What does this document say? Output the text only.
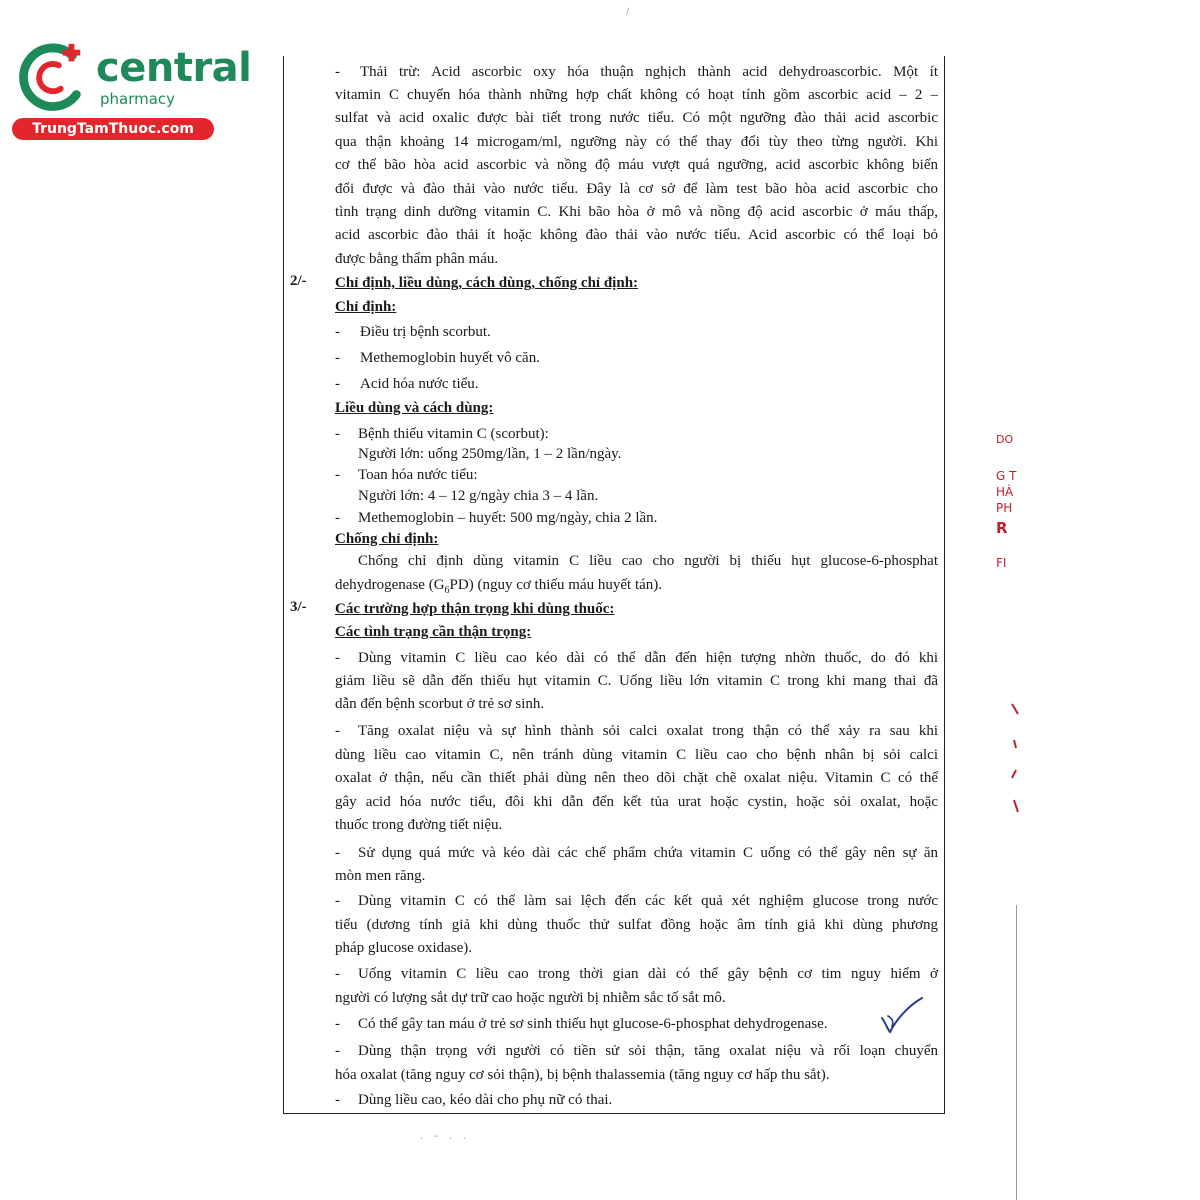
central
pharmacy
TrungTamThuoc.com
/
. - . .
- Thải trừ: Acid ascorbic oxy hóa thuận nghịch thành acid dehydroascorbic. Một ít
vitamin C chuyển hóa thành những hợp chất không có hoạt tính gồm ascorbic acid – 2 –
sulfat và acid oxalic được bài tiết trong nước tiểu. Có một ngưỡng đào thải acid ascorbic
qua thận khoảng 14 microgam/ml, ngưỡng này có thể thay đổi tùy theo từng người. Khi
cơ thể bão hòa acid ascorbic và nồng độ máu vượt quá ngưỡng, acid ascorbic không biến
đổi được và đào thải vào nước tiểu. Đây là cơ sở để làm test bão hòa acid ascorbic cho
tình trạng dinh dưỡng vitamin C. Khi bão hòa ở mô và nồng độ acid ascorbic ở máu thấp,
acid ascorbic đào thải ít hoặc không đào thải vào nước tiểu. Acid ascorbic có thể loại bỏ
được bằng thẩm phân máu.
2/- Chỉ định, liều dùng, cách dùng, chống chỉ định:
Chỉ định:
- Điều trị bệnh scorbut.
- Methemoglobin huyết vô căn.
- Acid hóa nước tiểu.
Liều dùng và cách dùng:
- Bệnh thiếu vitamin C (scorbut):
Người lớn: uống 250mg/lần, 1 – 2 lần/ngày.
- Toan hóa nước tiểu:
Người lớn: 4 – 12 g/ngày chia 3 – 4 lần.
- Methemoglobin – huyết: 500 mg/ngày, chia 2 lần.
Chống chỉ định:
Chống chỉ định dùng vitamin C liều cao cho người bị thiếu hụt glucose-6-phosphat
dehydrogenase $(G_6PD)$ (nguy cơ thiếu máu huyết tán).
3/- Các trường hợp thận trọng khi dùng thuốc:
Các tình trạng cần thận trọng:
- Dùng vitamin C liều cao kéo dài có thể dẫn đến hiện tượng nhờn thuốc, do đó khi
giảm liều sẽ dẫn đến thiếu hụt vitamin C. Uống liều lớn vitamin C trong khi mang thai đã
dẫn đến bệnh scorbut ở trẻ sơ sinh.
- Tăng oxalat niệu và sự hình thành sỏi calci oxalat trong thận có thể xảy ra sau khi
dùng liều cao vitamin C, nên tránh dùng vitamin C liều cao cho bệnh nhân bị sỏi calci
oxalat ở thận, nếu cần thiết phải dùng nên theo dõi chặt chẽ oxalat niệu. Vitamin C có thể
gây acid hóa nước tiểu, đôi khi dẫn đến kết tủa urat hoặc cystin, hoặc sỏi oxalat, hoặc
thuốc trong đường tiết niệu.
- Sử dụng quá mức và kéo dài các chế phẩm chứa vitamin C uống có thể gây nên sự ăn
mòn men răng.
- Dùng vitamin C có thể làm sai lệch đến các kết quả xét nghiệm glucose trong nước
tiểu (dương tính giả khi dùng thuốc thử sulfat đồng hoặc âm tính giả khi dùng phương
pháp glucose oxidase).
- Uống vitamin C liều cao trong thời gian dài có thể gây bệnh cơ tim nguy hiểm ở
người có lượng sắt dự trữ cao hoặc người bị nhiễm sắc tố sắt mô.
- Có thể gây tan máu ở trẻ sơ sinh thiếu hụt glucose-6-phosphat dehydrogenase.
- Dùng thận trọng với người có tiền sử sỏi thận, tăng oxalat niệu và rối loạn chuyển
hóa oxalat (tăng nguy cơ sỏi thận), bị bệnh thalassemia (tăng nguy cơ hấp thu sắt).
- Dùng liều cao, kéo dài cho phụ nữ có thai.
DO
G T
HÀ
PH
R
FI
